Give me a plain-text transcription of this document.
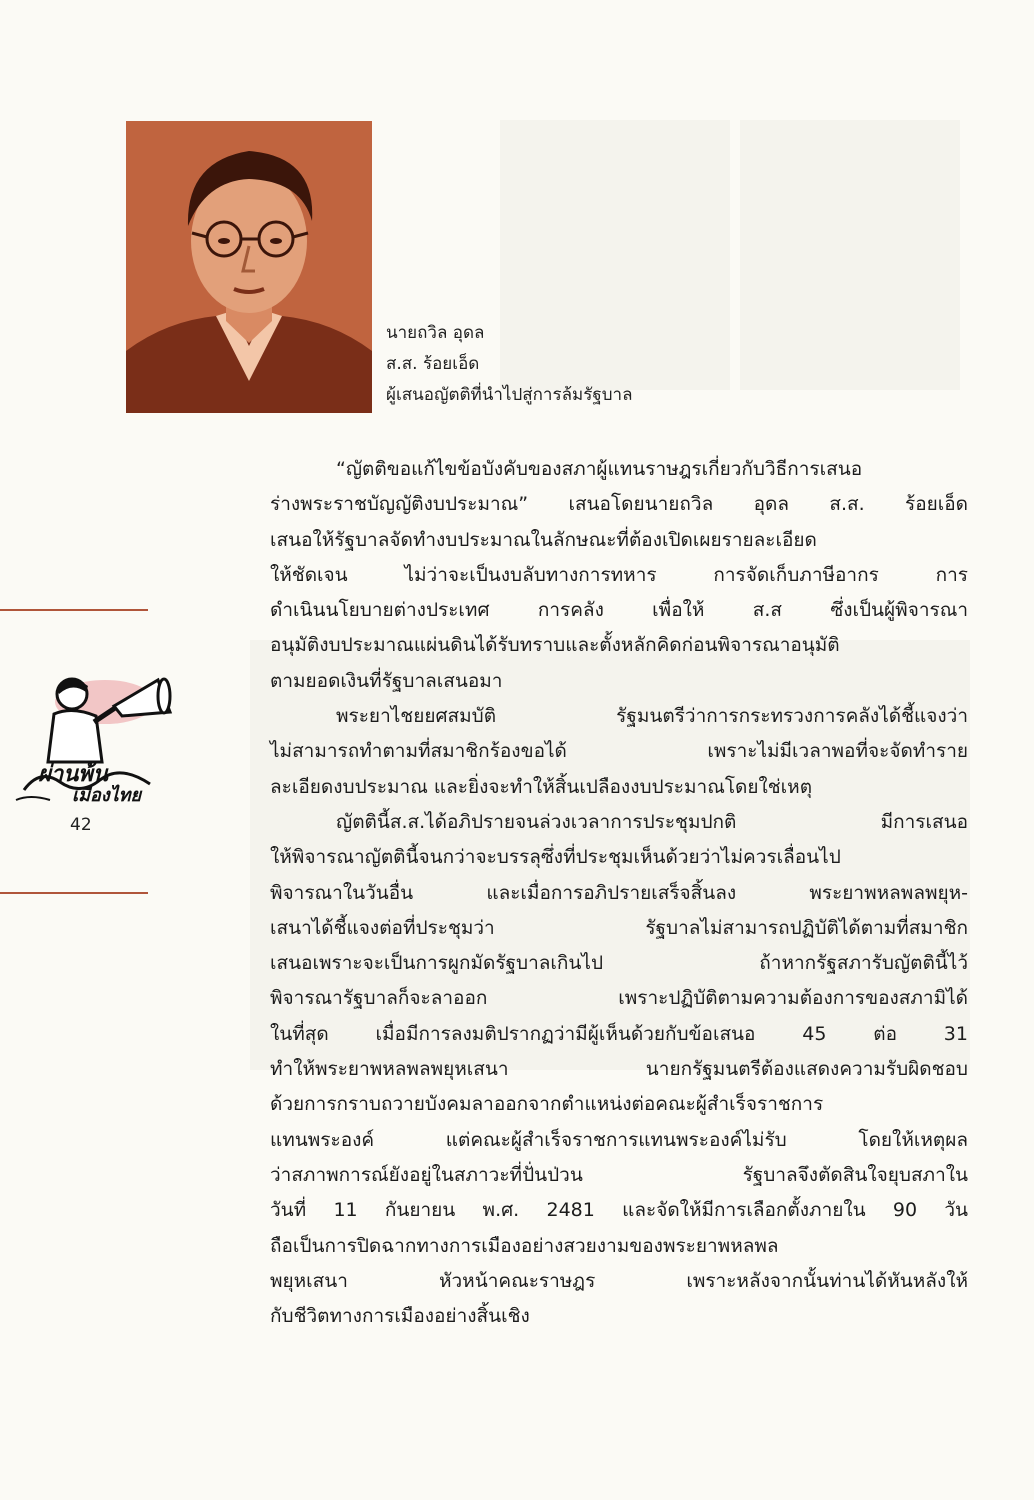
นายถวิล อุดล
ส.ส. ร้อยเอ็ด
ผู้เสนอญัตติที่นำไปสู่การล้มรัฐบาล
ผ่านพ้น
เมืองไทย
42
“ญัตติขอแก้ไขข้อบังคับของสภาผู้แทนราษฎรเกี่ยวกับวิธีการเสนอ
ร่างพระราชบัญญัติงบประมาณ” เสนอโดยนายถวิล อุดล ส.ส. ร้อยเอ็ด
เสนอให้รัฐบาลจัดทำงบประมาณในลักษณะที่ต้องเปิดเผยรายละเอียด
ให้ชัดเจน ไม่ว่าจะเป็นงบลับทางการทหาร การจัดเก็บภาษีอากร การ
ดำเนินนโยบายต่างประเทศ การคลัง เพื่อให้ ส.ส ซึ่งเป็นผู้พิจารณา
อนุมัติงบประมาณแผ่นดินได้รับทราบและตั้งหลักคิดก่อนพิจารณาอนุมัติ
ตามยอดเงินที่รัฐบาลเสนอมา
พระยาไชยยศสมบัติ รัฐมนตรีว่าการกระทรวงการคลังได้ชี้แจงว่า
ไม่สามารถทำตามที่สมาชิกร้องขอได้ เพราะไม่มีเวลาพอที่จะจัดทำราย
ละเอียดงบประมาณ และยิ่งจะทำให้สิ้นเปลืองงบประมาณโดยใช่เหตุ
ญัตตินี้ส.ส.ได้อภิปรายจนล่วงเวลาการประชุมปกติ มีการเสนอ
ให้พิจารณาญัตตินี้จนกว่าจะบรรลุซึ่งที่ประชุมเห็นด้วยว่าไม่ควรเลื่อนไป
พิจารณาในวันอื่น และเมื่อการอภิปรายเสร็จสิ้นลง พระยาพหลพลพยุห-
เสนาได้ชี้แจงต่อที่ประชุมว่า รัฐบาลไม่สามารถปฏิบัติได้ตามที่สมาชิก
เสนอเพราะจะเป็นการผูกมัดรัฐบาลเกินไป ถ้าหากรัฐสภารับญัตตินี้ไว้
พิจารณารัฐบาลก็จะลาออก เพราะปฏิบัติตามความต้องการของสภามิได้
ในที่สุด เมื่อมีการลงมติปรากฏว่ามีผู้เห็นด้วยกับข้อเสนอ 45 ต่อ 31
ทำให้พระยาพหลพลพยุหเสนา นายกรัฐมนตรีต้องแสดงความรับผิดชอบ
ด้วยการกราบถวายบังคมลาออกจากตำแหน่งต่อคณะผู้สำเร็จราชการ
แทนพระองค์ แต่คณะผู้สำเร็จราชการแทนพระองค์ไม่รับ โดยให้เหตุผล
ว่าสภาพการณ์ยังอยู่ในสภาวะที่ปั่นป่วน รัฐบาลจึงตัดสินใจยุบสภาใน
วันที่ 11 กันยายน พ.ศ. 2481 และจัดให้มีการเลือกตั้งภายใน 90 วัน
ถือเป็นการปิดฉากทางการเมืองอย่างสวยงามของพระยาพหลพล
พยุหเสนา หัวหน้าคณะราษฎร เพราะหลังจากนั้นท่านได้หันหลังให้
กับชีวิตทางการเมืองอย่างสิ้นเชิง
